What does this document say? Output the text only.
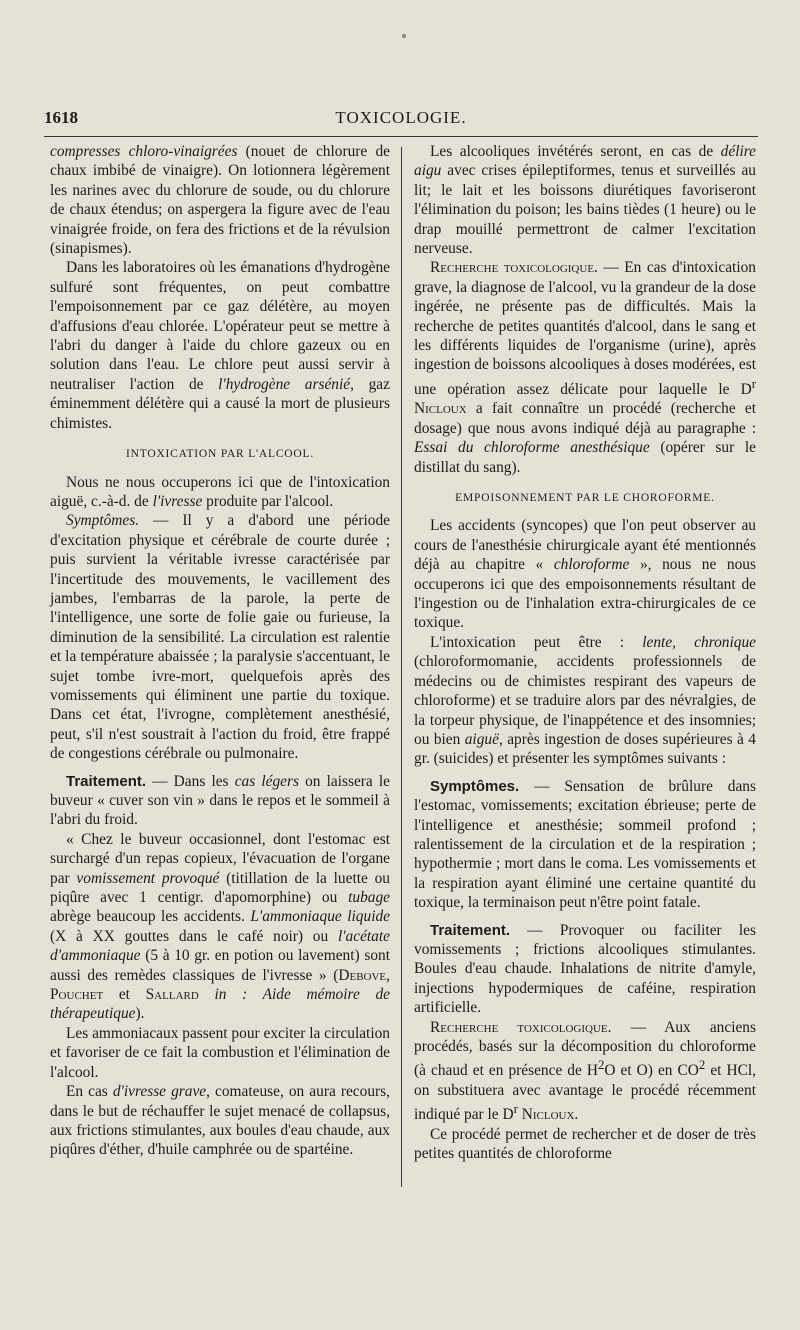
1618	TOXICOLOGIE.

compresses chloro-vinaigrées (nouet de chlorure de chaux imbibé de vinaigre). On lotionnera légèrement les narines avec du chlorure de soude, ou du chlorure de chaux étendus; on aspergera la figure avec de l'eau vinaigrée froide, on fera des frictions et de la révulsion (sinapismes).

Dans les laboratoires où les émanations d'hydrogène sulfuré sont fréquentes, on peut combattre l'empoisonnement par ce gaz délétère, au moyen d'affusions d'eau chlorée. L'opérateur peut se mettre à l'abri du danger à l'aide du chlore gazeux ou en solution dans l'eau. Le chlore peut aussi servir à neutraliser l'action de l'hydrogène arsénié, gaz éminemment délétère qui a causé la mort de plusieurs chimistes.

INTOXICATION PAR L'ALCOOL.

Nous ne nous occuperons ici que de l'intoxication aiguë, c.-à-d. de l'ivresse produite par l'alcool.

Symptômes. — Il y a d'abord une période d'excitation physique et cérébrale de courte durée ; puis survient la véritable ivresse caractérisée par l'incertitude des mouvements, le vacillement des jambes, l'embarras de la parole, la perte de l'intelligence, une sorte de folie gaie ou furieuse, la diminution de la sensibilité. La circulation est ralentie et la température abaissée ; la paralysie s'accentuant, le sujet tombe ivre-mort, quelquefois après des vomissements qui éliminent une partie du toxique. Dans cet état, l'ivrogne, complètement anesthésié, peut, s'il n'est soustrait à l'action du froid, être frappé de congestions cérébrale ou pulmonaire.

Traitement. — Dans les cas légers on laissera le buveur « cuver son vin » dans le repos et le sommeil à l'abri du froid.

« Chez le buveur occasionnel, dont l'estomac est surchargé d'un repas copieux, l'évacuation de l'organe par vomissement provoqué (titillation de la luette ou piqûre avec 1 centigr. d'apomorphine) ou tubage abrège beaucoup les accidents. L'ammoniaque liquide (X à XX gouttes dans le café noir) ou l'acétate d'ammoniaque (5 à 10 gr. en potion ou lavement) sont aussi des remèdes classiques de l'ivresse » (Debove, Pouchet et Sallard in : Aide mémoire de thérapeutique).

Les ammoniacaux passent pour exciter la circulation et favoriser de ce fait la combustion et l'élimination de l'alcool.

En cas d'ivresse grave, comateuse, on aura recours, dans le but de réchauffer le sujet menacé de collapsus, aux frictions stimulantes, aux boules d'eau chaude, aux piqûres d'éther, d'huile camphrée ou de spartéine.

Les alcooliques invétérés seront, en cas de délire aigu avec crises épileptiformes, tenus et surveillés au lit; le lait et les boissons diurétiques favoriseront l'élimination du poison; les bains tièdes (1 heure) ou le drap mouillé permettront de calmer l'excitation nerveuse.

Recherche toxicologique. — En cas d'intoxication grave, la diagnose de l'alcool, vu la grandeur de la dose ingérée, ne présente pas de difficultés. Mais la recherche de petites quantités d'alcool, dans le sang et les différents liquides de l'organisme (urine), après ingestion de boissons alcooliques à doses modérées, est une opération assez délicate pour laquelle le $D^r$ Nicloux a fait connaître un procédé (recherche et dosage) que nous avons indiqué déjà au paragraphe : Essai du chloroforme anesthésique (opérer sur le distillat du sang).

EMPOISONNEMENT PAR LE CHOROFORME.

Les accidents (syncopes) que l'on peut observer au cours de l'anesthésie chirurgicale ayant été mentionnés déjà au chapitre « chloroforme », nous ne nous occuperons ici que des empoisonnements résultant de l'ingestion ou de l'inhalation extra-chirurgicales de ce toxique.

L'intoxication peut être : lente, chronique (chloroformomanie, accidents professionnels de médecins ou de chimistes respirant des vapeurs de chloroforme) et se traduire alors par des névralgies, de la torpeur physique, de l'inappétence et des insomnies; ou bien aiguë, après ingestion de doses supérieures à 4 gr. (suicides) et présenter les symptômes suivants :

Symptômes. — Sensation de brûlure dans l'estomac, vomissements; excitation ébrieuse; perte de l'intelligence et anesthésie; sommeil profond ; ralentissement de la circulation et de la respiration ; hypothermie ; mort dans le coma. Les vomissements et la respiration ayant éliminé une certaine quantité du toxique, la terminaison peut n'être point fatale.

Traitement. — Provoquer ou faciliter les vomissements ; frictions alcooliques stimulantes. Boules d'eau chaude. Inhalations de nitrite d'amyle, injections hypodermiques de caféine, respiration artificielle.

Recherche toxicologique. — Aux anciens procédés, basés sur la décomposition du chloroforme (à chaud et en présence de $H^2O$ et O) en $CO^2$ et HCl, on substituera avec avantage le procédé récemment indiqué par le $D^r$ Nicloux.

Ce procédé permet de rechercher et de doser de très petites quantités de chloroforme
